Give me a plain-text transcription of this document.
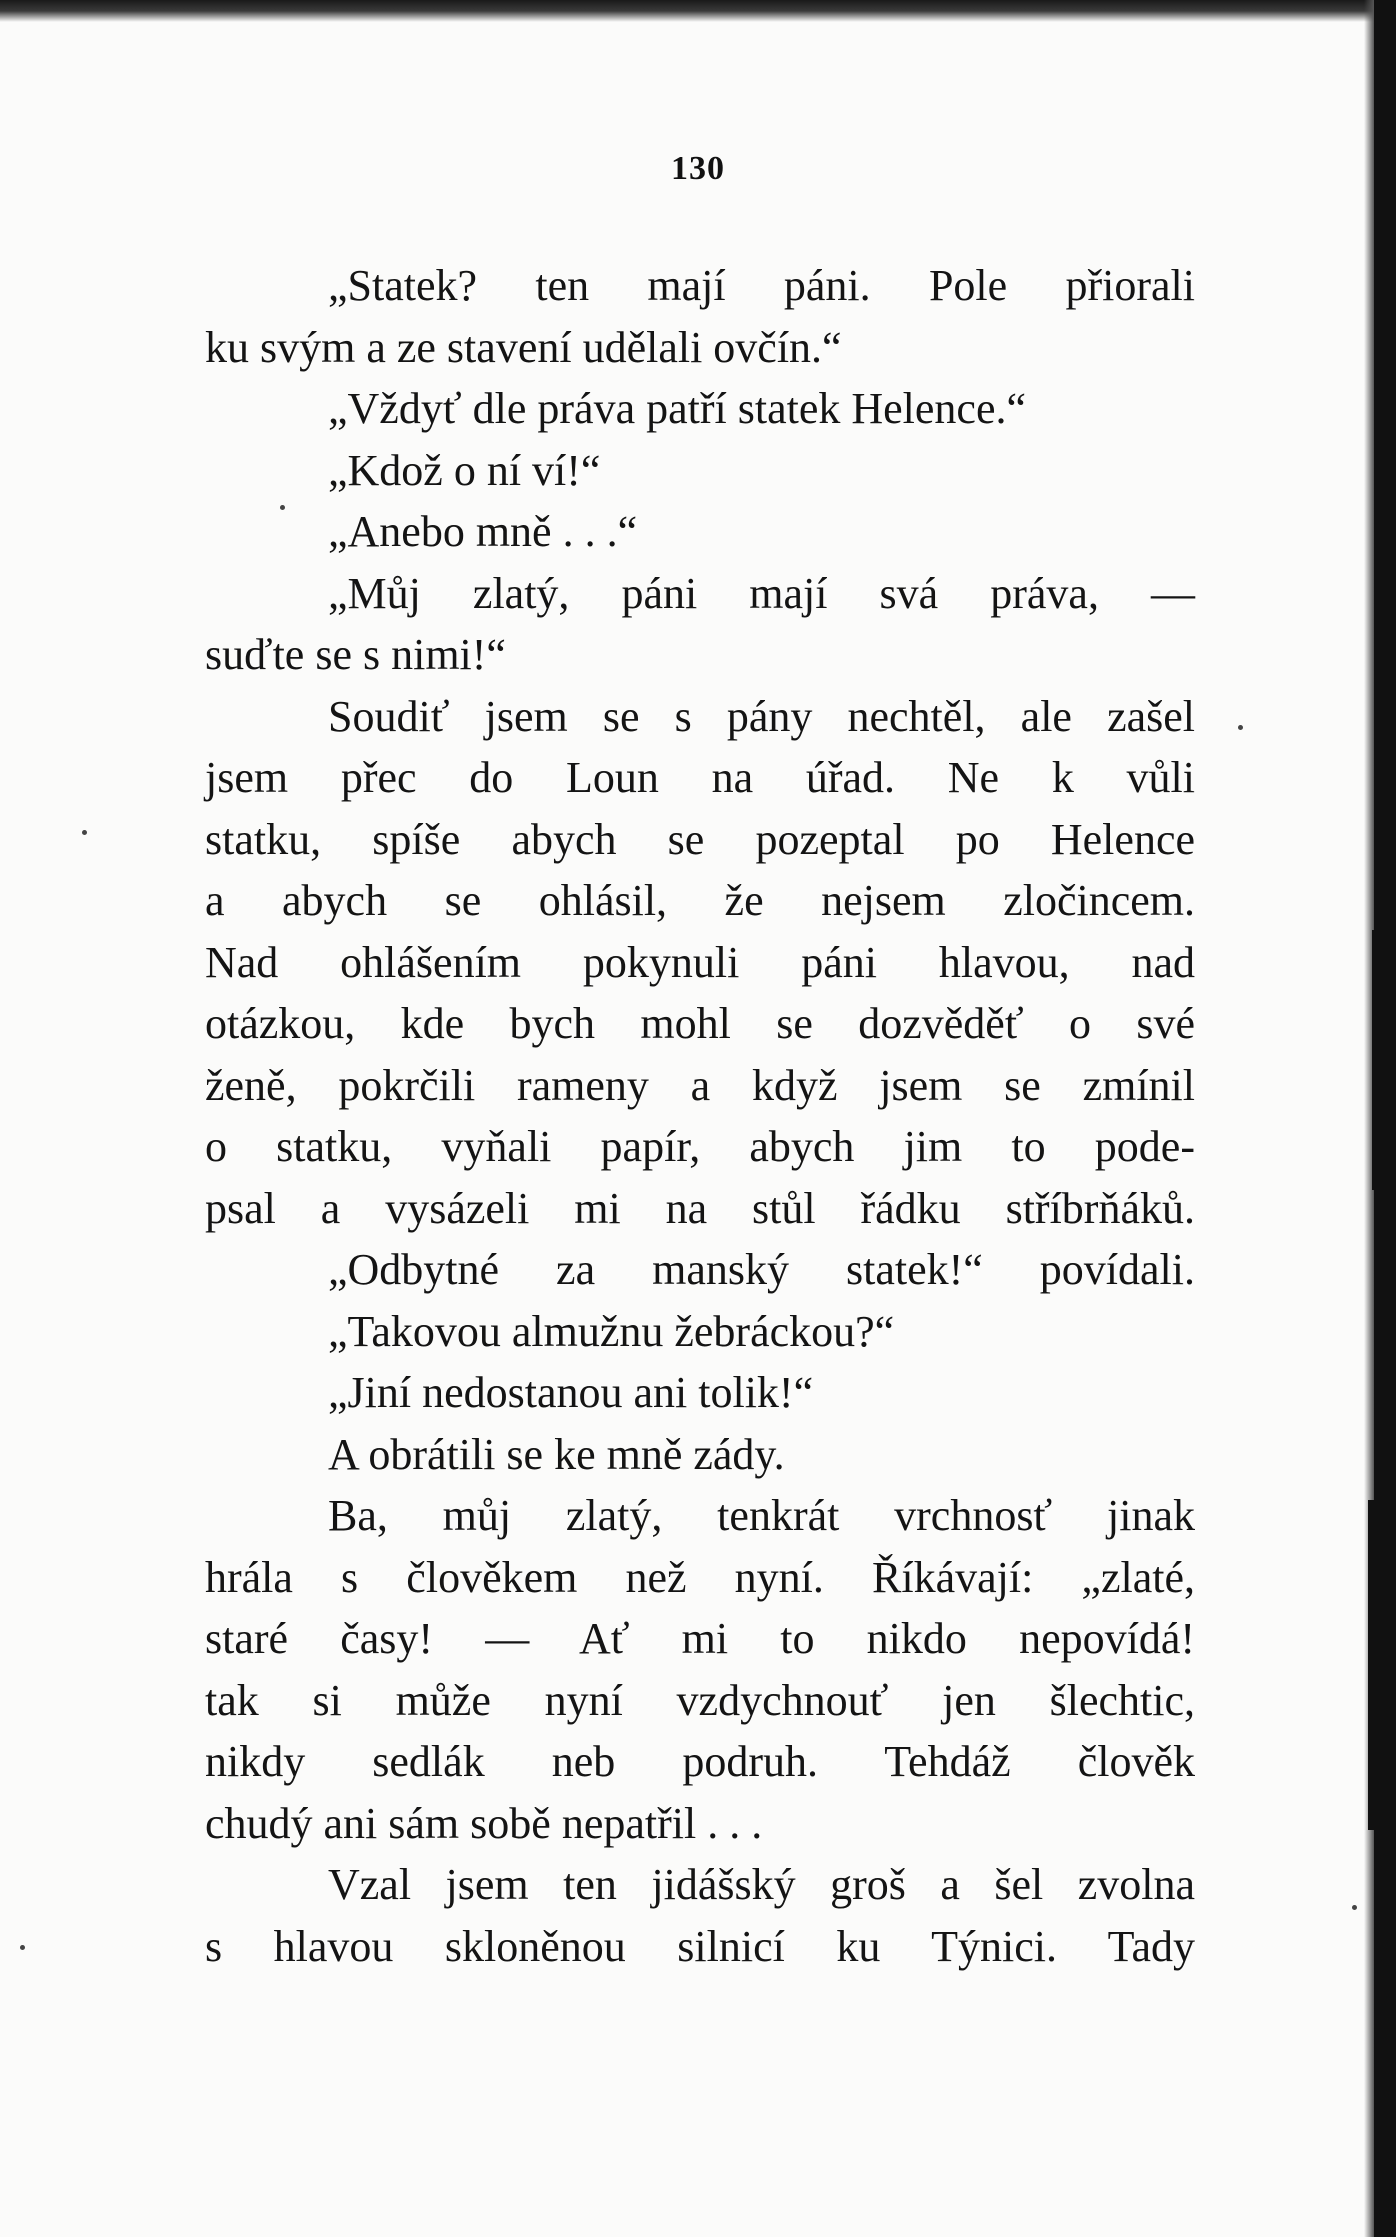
130
„Statek? ten mají páni. Pole přiorali
ku svým a ze stavení udělali ovčín.“
„Vždyť dle práva patří statek Helence.“
„Kdož o ní ví!“
„Anebo mně . . .“
„Můj zlatý, páni mají svá práva, —
suďte se s nimi!“
Soudiť jsem se s pány nechtěl, ale zašel
jsem přec do Loun na úřad. Ne k vůli
statku, spíše abych se pozeptal po Helence
a abych se ohlásil, že nejsem zločincem.
Nad ohlášením pokynuli páni hlavou, nad
otázkou, kde bych mohl se dozvěděť o své
ženě, pokrčili rameny a když jsem se zmínil
o statku, vyňali papír, abych jim to pode-
psal a vysázeli mi na stůl řádku stříbrňáků.
„Odbytné za manský statek!“ povídali.
„Takovou almužnu žebráckou?“
„Jiní nedostanou ani tolik!“
A obrátili se ke mně zády.
Ba, můj zlatý, tenkrát vrchnosť jinak
hrála s člověkem než nyní. Říkávají: „zlaté,
staré časy! — Ať mi to nikdo nepovídá!
tak si může nyní vzdychnouť jen šlechtic,
nikdy sedlák neb podruh. Tehdáž člověk
chudý ani sám sobě nepatřil . . .
Vzal jsem ten jidášský groš a šel zvolna
s hlavou skloněnou silnicí ku Týnici. Tady
